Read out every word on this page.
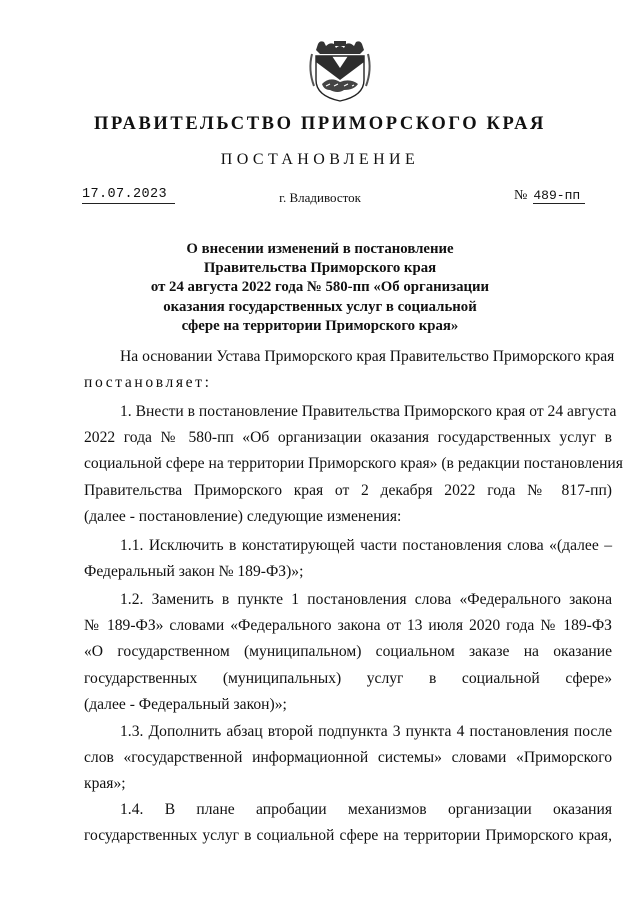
ПРАВИТЕЛЬСТВО ПРИМОРСКОГО КРАЯ
ПОСТАНОВЛЕНИЕ
17.07.2023	г. Владивосток	№ 489-пп
О внесении изменений в постановление
Правительства Приморского края
от 24 августа 2022 года № 580-пп «Об организации
оказания государственных услуг в социальной
сфере на территории Приморского края»
На основании Устава Приморского края Правительство Приморского края
постановляет:
1. Внести в постановление Правительства Приморского края от 24 августа
2022 года № 580-пп «Об организации оказания государственных услуг в
социальной сфере на территории Приморского края» (в редакции постановления
Правительства Приморского края от 2 декабря 2022 года № 817-пп)
(далее - постановление) следующие изменения:
1.1. Исключить в констатирующей части постановления слова «(далее –
Федеральный закон № 189-ФЗ)»;
1.2. Заменить в пункте 1 постановления слова «Федерального закона
№ 189-ФЗ» словами «Федерального закона от 13 июля 2020 года № 189-ФЗ
«О государственном (муниципальном) социальном заказе на оказание
государственных (муниципальных) услуг в социальной сфере»
(далее - Федеральный закон)»;
1.3. Дополнить абзац второй подпункта 3 пункта 4 постановления после
слов «государственной информационной системы» словами «Приморского
края»;
1.4. В плане апробации механизмов организации оказания
государственных услуг в социальной сфере на территории Приморского края,
